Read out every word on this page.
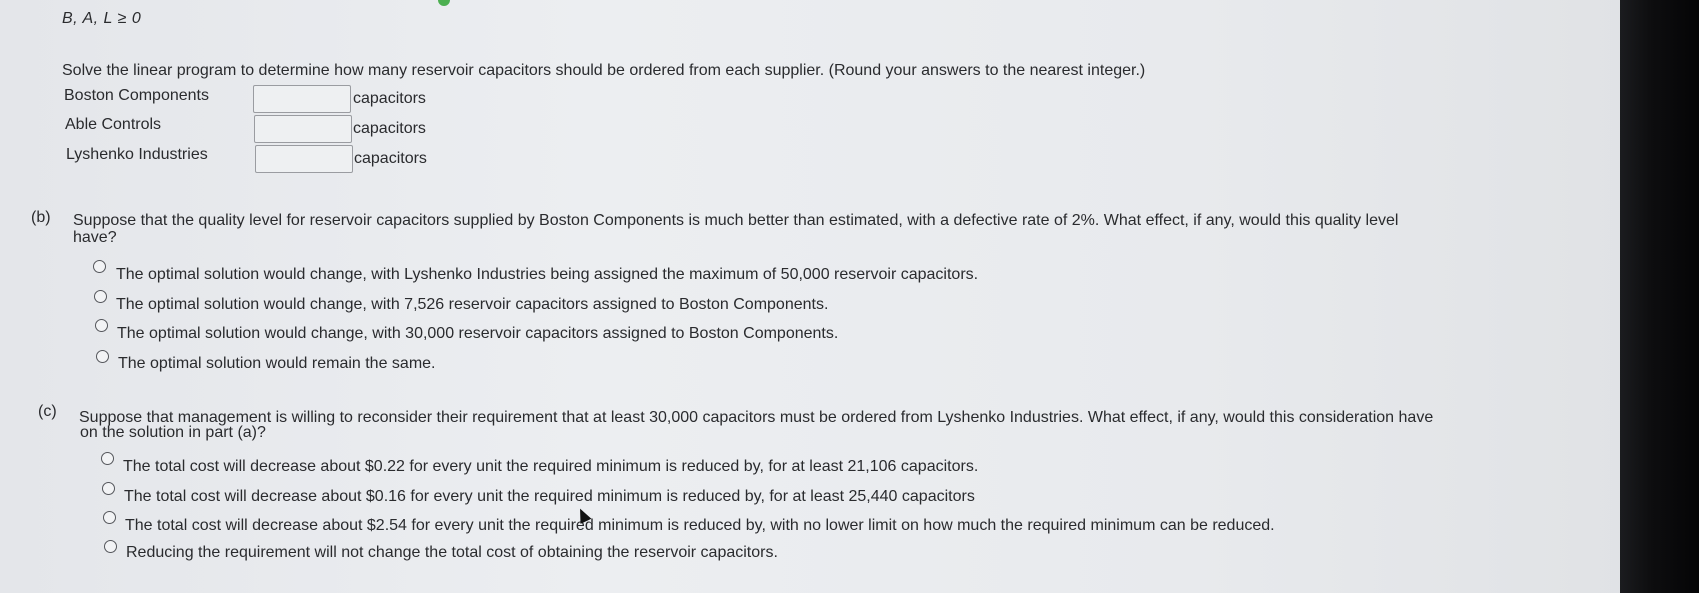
B, A, L ≥ 0
Solve the linear program to determine how many reservoir capacitors should be ordered from each supplier. (Round your answers to the nearest integer.)
Boston Components	capacitors
Able Controls	capacitors
Lyshenko Industries	capacitors
(b) Suppose that the quality level for reservoir capacitors supplied by Boston Components is much better than estimated, with a defective rate of 2%. What effect, if any, would this quality level
have?
The optimal solution would change, with Lyshenko Industries being assigned the maximum of 50,000 reservoir capacitors.
The optimal solution would change, with 7,526 reservoir capacitors assigned to Boston Components.
The optimal solution would change, with 30,000 reservoir capacitors assigned to Boston Components.
The optimal solution would remain the same.
(c) Suppose that management is willing to reconsider their requirement that at least 30,000 capacitors must be ordered from Lyshenko Industries. What effect, if any, would this consideration have
on the solution in part (a)?
The total cost will decrease about $0.22 for every unit the required minimum is reduced by, for at least 21,106 capacitors.
The total cost will decrease about $0.16 for every unit the required minimum is reduced by, for at least 25,440 capacitors
The total cost will decrease about $2.54 for every unit the required minimum is reduced by, with no lower limit on how much the required minimum can be reduced.
Reducing the requirement will not change the total cost of obtaining the reservoir capacitors.
